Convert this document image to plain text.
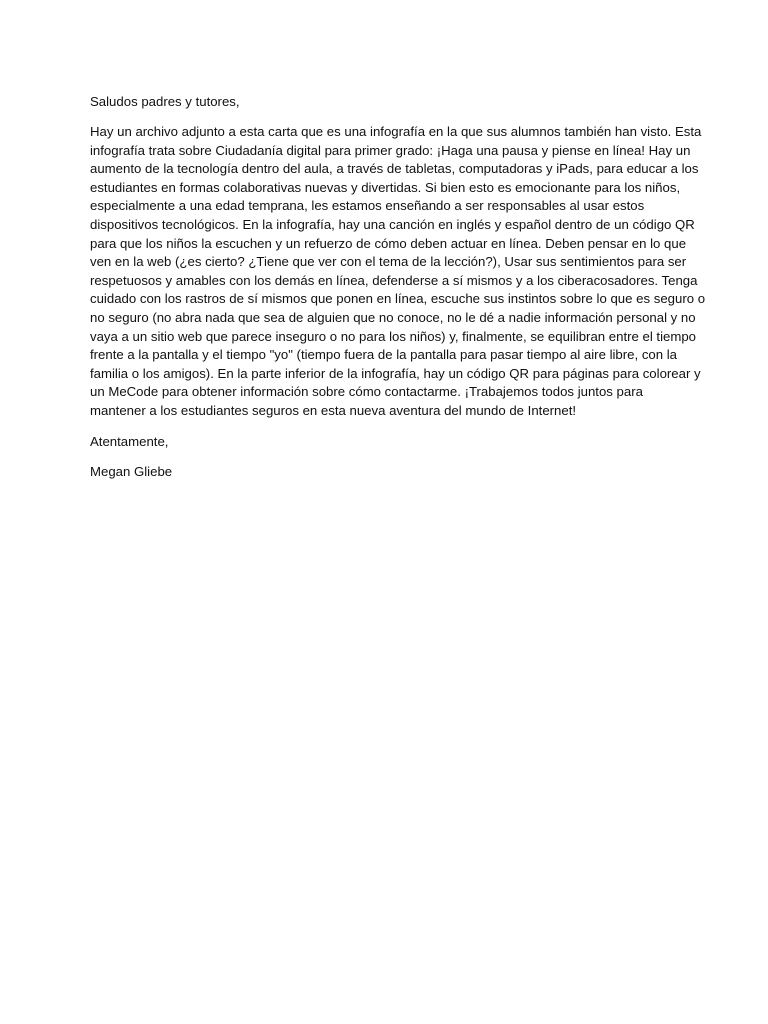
Saludos padres y tutores,

Hay un archivo adjunto a esta carta que es una infografía en la que sus alumnos también han visto. Esta
infografía trata sobre Ciudadanía digital para primer grado: ¡Haga una pausa y piense en línea! Hay un
aumento de la tecnología dentro del aula, a través de tabletas, computadoras y iPads, para educar a los
estudiantes en formas colaborativas nuevas y divertidas. Si bien esto es emocionante para los niños,
especialmente a una edad temprana, les estamos enseñando a ser responsables al usar estos
dispositivos tecnológicos. En la infografía, hay una canción en inglés y español dentro de un código QR
para que los niños la escuchen y un refuerzo de cómo deben actuar en línea. Deben pensar en lo que
ven en la web (¿es cierto? ¿Tiene que ver con el tema de la lección?), Usar sus sentimientos para ser
respetuosos y amables con los demás en línea, defenderse a sí mismos y a los ciberacosadores. Tenga
cuidado con los rastros de sí mismos que ponen en línea, escuche sus instintos sobre lo que es seguro o
no seguro (no abra nada que sea de alguien que no conoce, no le dé a nadie información personal y no
vaya a un sitio web que parece inseguro o no para los niños) y, finalmente, se equilibran entre el tiempo
frente a la pantalla y el tiempo "yo" (tiempo fuera de la pantalla para pasar tiempo al aire libre, con la
familia o los amigos). En la parte inferior de la infografía, hay un código QR para páginas para colorear y
un MeCode para obtener información sobre cómo contactarme. ¡Trabajemos todos juntos para
mantener a los estudiantes seguros en esta nueva aventura del mundo de Internet!

Atentamente,

Megan Gliebe
